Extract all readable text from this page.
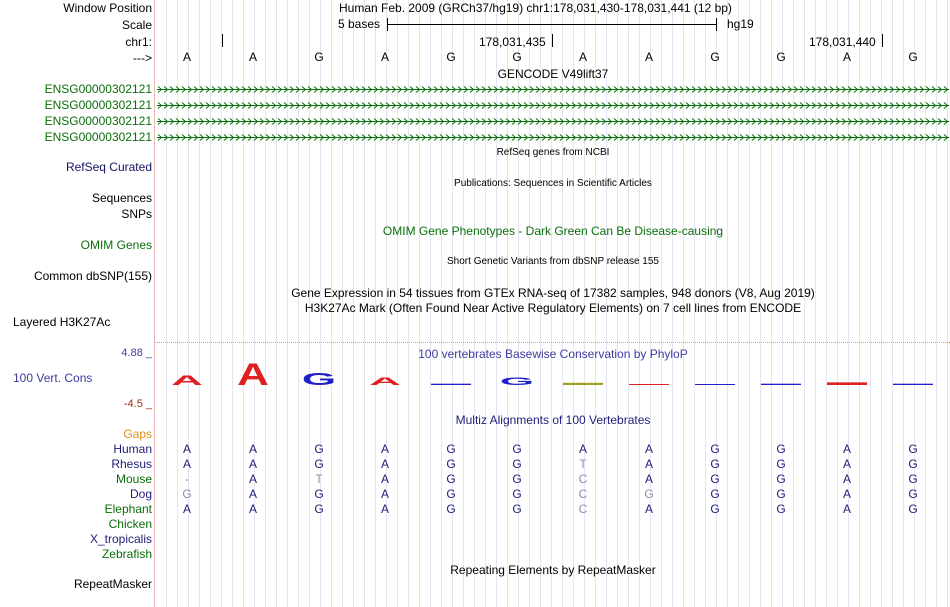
Window Position	Human Feb. 2009 (GRCh37/hg19) chr1:178,031,430-178,031,441 (12 bp)
Scale	5 bases	hg19
chr1:	178,031,435	178,031,440
--->	A	A	G	A	G	G	A	A	G	G	A	G
GENCODE V49lift37
ENSG00000302121
ENSG00000302121
ENSG00000302121
ENSG00000302121
RefSeq Curated
RefSeq genes from NCBI
Publications: Sequences in Scientific Articles
Sequences
SNPs
OMIM Gene Phenotypes - Dark Green Can Be Disease-causing
OMIM Genes
Short Genetic Variants from dbSNP release 155
Common dbSNP(155)
Gene Expression in 54 tissues from GTEx RNA-seq of 17382 samples, 948 donors (V8, Aug 2019)
H3K27Ac Mark (Often Found Near Active Regulatory Elements) on 7 cell lines from ENCODE
Layered H3K27Ac
4.88 _	100 vertebrates Basewise Conservation by PhyloP
100 Vert. Cons
-4.5 _
A A G A	G
Multiz Alignments of 100 Vertebrates
Gaps
Human	A	A	G	A	G	G	A	A	G	G	A	G
Rhesus	A	A	G	A	G	G	T	A	G	G	A	G
Mouse	-	A	T	A	G	G	C	A	G	G	A	G
Dog	G	A	G	A	G	G	C	G	G	G	A	G
Elephant	A	A	G	A	G	G	C	A	G	G	A	G
Chicken
X_tropicalis
Zebrafish
Repeating Elements by RepeatMasker
RepeatMasker
